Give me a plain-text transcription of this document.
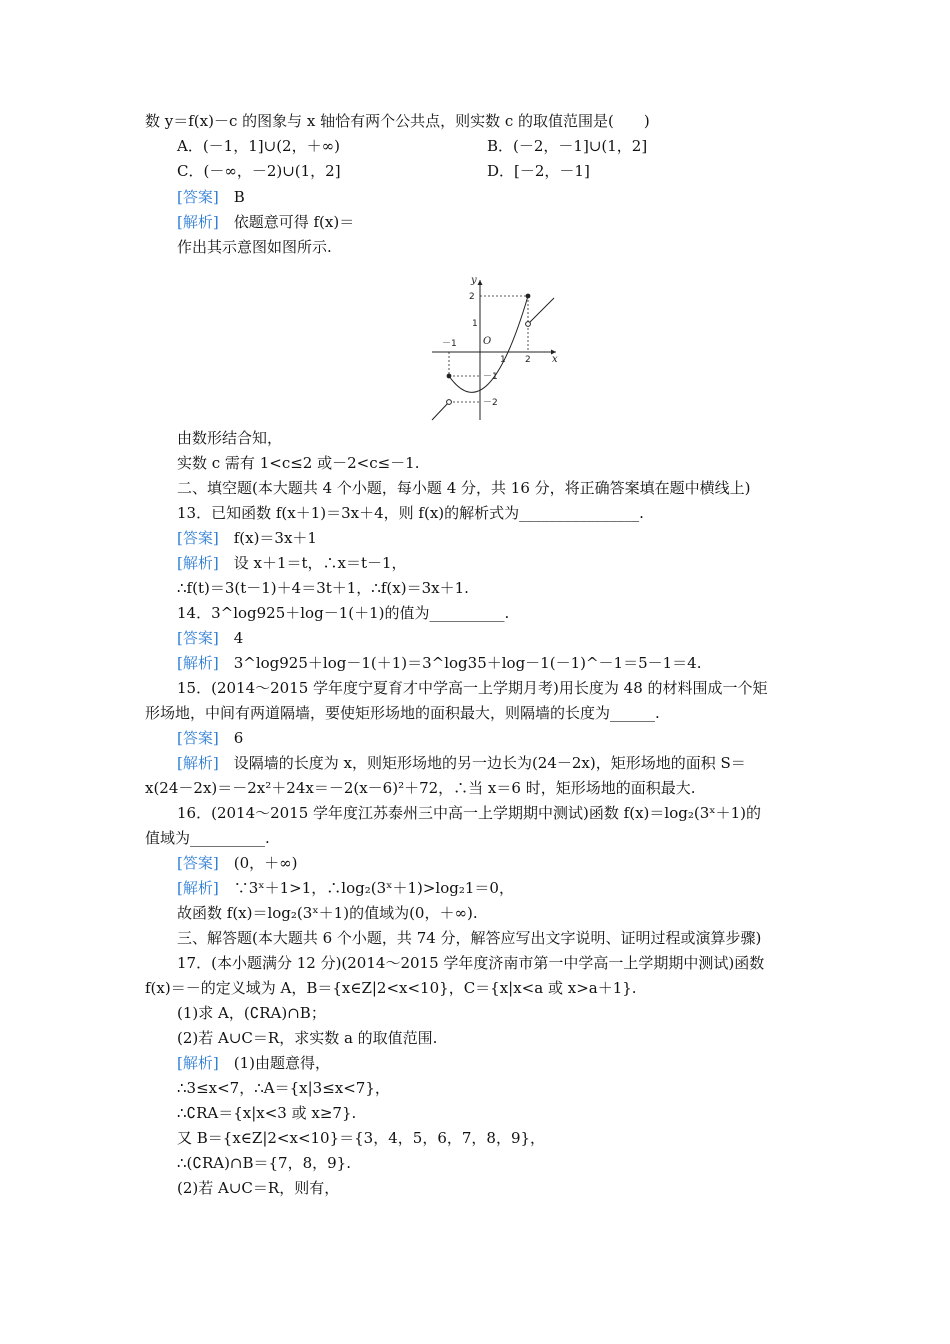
数 y＝f(x)－c 的图象与 x 轴恰有两个公共点，则实数 c 的取值范围是(　　)
A．(－1，1]∪(2，＋∞)	B．(－2，－1]∪(1，2]
C．(－∞，－2)∪(1，2]	D．[－2，－1]
[答案]　B
[解析]　依题意可得 f(x)＝
作出其示意图如图所示.
由数形结合知，
实数 c 需有 1<c≤2 或－2<c≤－1.
二、填空题(本大题共 4 个小题，每小题 4 分，共 16 分，将正确答案填在题中横线上)
13．已知函数 f(x＋1)＝3x＋4，则 f(x)的解析式为________________.
[答案]　f(x)＝3x＋1
[解析]　设 x＋1＝t，∴x＝t－1，
∴f(t)＝3(t－1)＋4＝3t＋1，∴f(x)＝3x＋1.
14．3^log925＋log－1(＋1)的值为__________.
[答案]　4
[解析]　3^log925＋log－1(＋1)＝3^log35＋log－1(－1)^－1＝5－1＝4.
15．(2014～2015 学年度宁夏育才中学高一上学期月考)用长度为 48 的材料围成一个矩
形场地，中间有两道隔墙，要使矩形场地的面积最大，则隔墙的长度为______.
[答案]　6
[解析]　设隔墙的长度为 x，则矩形场地的另一边长为(24－2x)，矩形场地的面积 S＝
x(24－2x)＝－2x²＋24x＝－2(x－6)²＋72，∴当 x＝6 时，矩形场地的面积最大.
16．(2014～2015 学年度江苏泰州三中高一上学期期中测试)函数 f(x)＝log₂(3ˣ＋1)的
值域为__________.
[答案]　(0，＋∞)
[解析]　∵3ˣ＋1>1，∴log₂(3ˣ＋1)>log₂1＝0，
故函数 f(x)＝log₂(3ˣ＋1)的值域为(0，＋∞).
三、解答题(本大题共 6 个小题，共 74 分，解答应写出文字说明、证明过程或演算步骤)
17．(本小题满分 12 分)(2014～2015 学年度济南市第一中学高一上学期期中测试)函数
f(x)＝－的定义域为 A，B＝{x∈Z|2<x<10}，C＝{x|x<a 或 x>a＋1}.
(1)求 A，(∁RA)∩B；
(2)若 A∪C＝R，求实数 a 的取值范围.
[解析]　(1)由题意得，
∴3≤x<7，∴A＝{x|3≤x<7}，
∴∁RA＝{x|x<3 或 x≥7}.
又 B＝{x∈Z|2<x<10}＝{3，4，5，6，7，8，9}，
∴(∁RA)∩B＝{7，8，9}.
(2)若 A∪C＝R，则有，
y
x
O
2
1
－1
1 2
－1
－2
